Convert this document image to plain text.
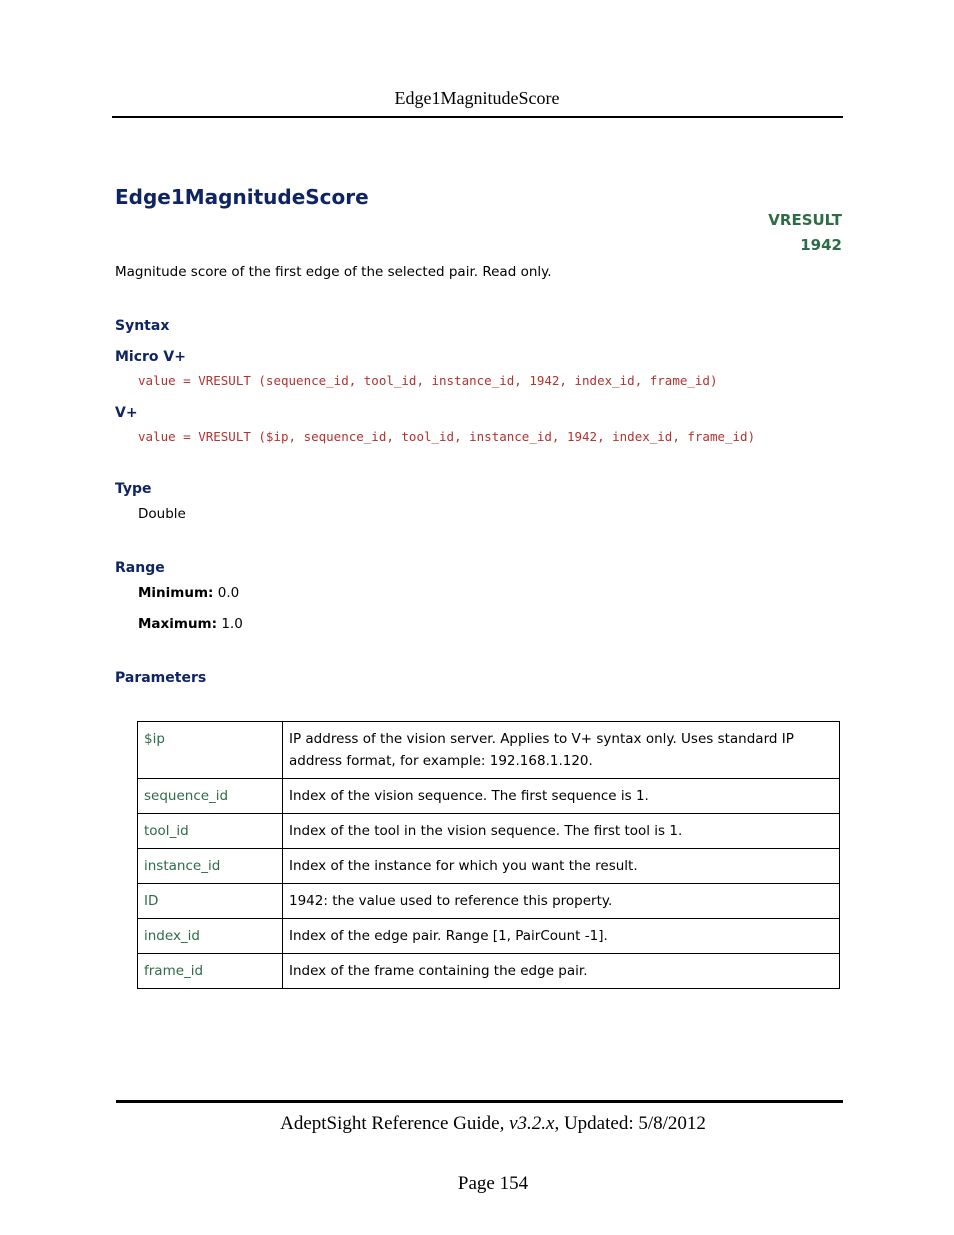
Edge1MagnitudeScore
Edge1MagnitudeScore
VRESULT
1942
Magnitude score of the first edge of the selected pair. Read only.
Syntax
Micro V+
value = VRESULT (sequence_id, tool_id, instance_id, 1942, index_id, frame_id)
V+
value = VRESULT ($ip, sequence_id, tool_id, instance_id, 1942, index_id, frame_id)
Type
Double
Range
Minimum: 0.0
Maximum: 1.0
Parameters
$ip	IP address of the vision server. Applies to V+ syntax only. Uses standard IP address format, for example: 192.168.1.120.
sequence_id	Index of the vision sequence. The first sequence is 1.
tool_id	Index of the tool in the vision sequence. The first tool is 1.
instance_id	Index of the instance for which you want the result.
ID	1942: the value used to reference this property.
index_id	Index of the edge pair. Range [1, PairCount -1].
frame_id	Index of the frame containing the edge pair.
AdeptSight Reference Guide, v3.2.x, Updated: 5/8/2012
Page 154
